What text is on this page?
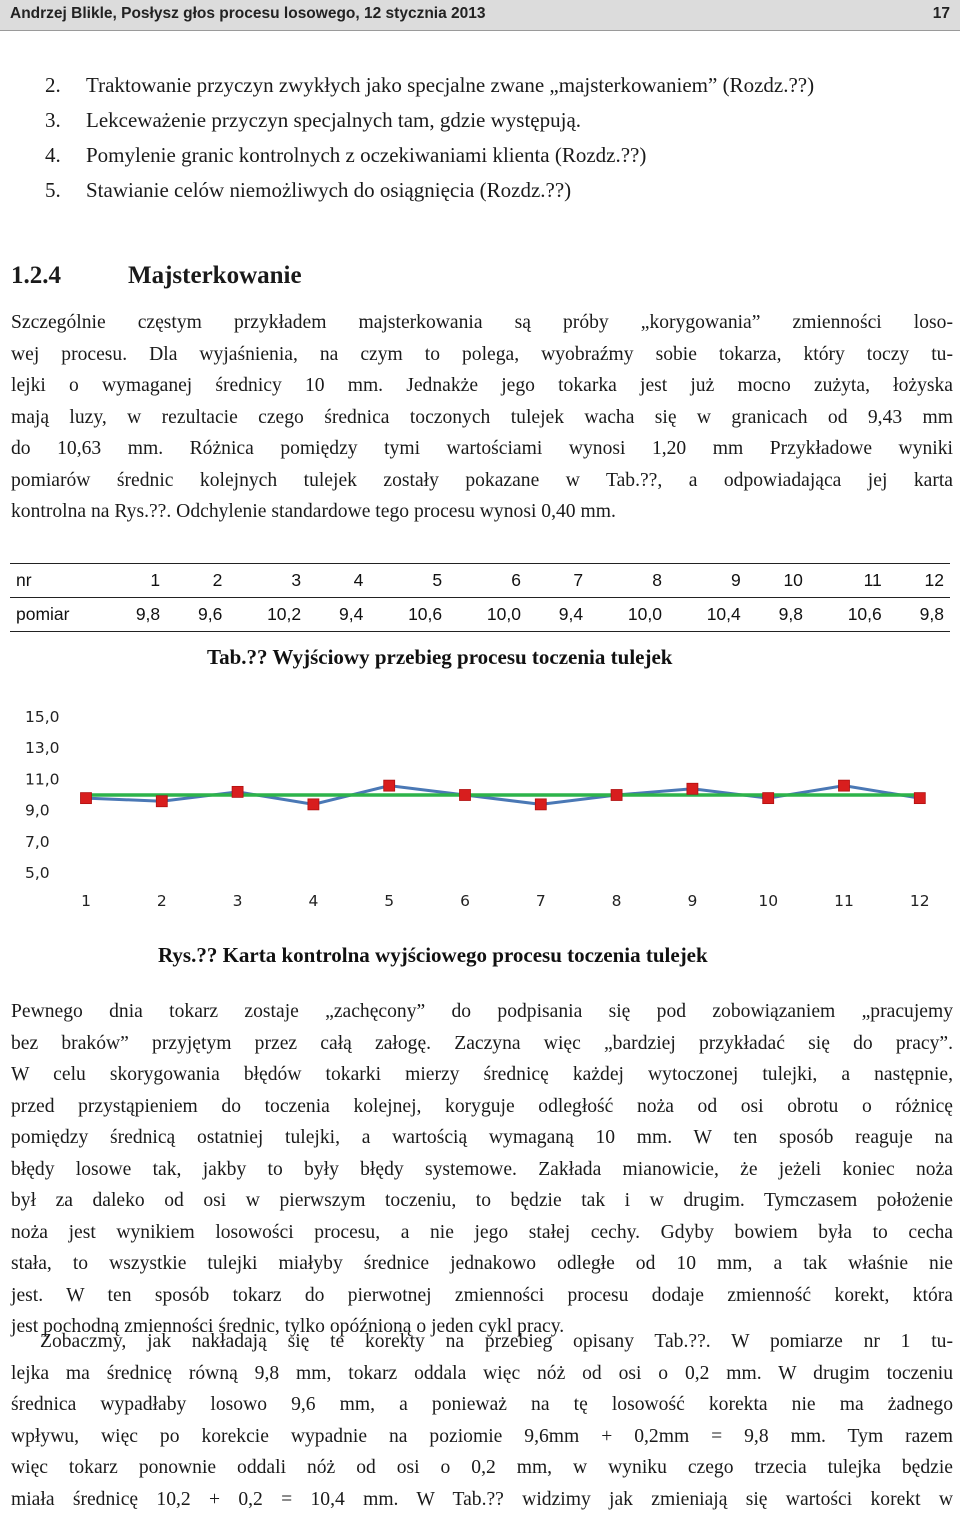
Andrzej Blikle, Posłysz głos procesu losowego, 12 stycznia 2013	17
2. Traktowanie przyczyn zwykłych jako specjalne zwane „majsterkowaniem” (Rozdz.??)
3. Lekceważenie przyczyn specjalnych tam, gdzie występują.
4. Pomylenie granic kontrolnych z oczekiwaniami klienta (Rozdz.??)
5. Stawianie celów niemożliwych do osiągnięcia (Rozdz.??)
1.2.4	Majsterkowanie
Szczególnie częstym przykładem majsterkowania są próby „korygowania” zmienności loso-
wej procesu. Dla wyjaśnienia, na czym to polega, wyobraźmy sobie tokarza, który toczy tu-
lejki o wymaganej średnicy 10 mm. Jednakże jego tokarka jest już mocno zużyta, łożyska
mają luzy, w rezultacie czego średnica toczonych tulejek wacha się w granicach od 9,43 mm
do 10,63 mm. Różnica pomiędzy tymi wartościami wynosi 1,20 mm Przykładowe wyniki
pomiarów średnic kolejnych tulejek zostały pokazane w Tab.??, a odpowiadająca jej karta
kontrolna na Rys.??. Odchylenie standardowe tego procesu wynosi 0,40 mm.
nr	1	2	3	4	5	6	7	8	9	10	11	12
pomiar	9,8	9,6	10,2	9,4	10,6	10,0	9,4	10,0	10,4	9,8	10,6	9,8
Tab.?? Wyjściowy przebieg procesu toczenia tulejek
15,0
13,0
11,0
9,0
7,0
5,0
1	2	3	4	5	6	7	8	9	10	11	12
Rys.?? Karta kontrolna wyjściowego procesu toczenia tulejek
Pewnego dnia tokarz zostaje „zachęcony” do podpisania się pod zobowiązaniem „pracujemy
bez braków” przyjętym przez całą załogę. Zaczyna więc „bardziej przykładać się do pracy”.
W celu skorygowania błędów tokarki mierzy średnicę każdej wytoczonej tulejki, a następnie,
przed przystąpieniem do toczenia kolejnej, koryguje odległość noża od osi obrotu o różnicę
pomiędzy średnicą ostatniej tulejki, a wartością wymaganą 10 mm. W ten sposób reaguje na
błędy losowe tak, jakby to były błędy systemowe. Zakłada mianowicie, że jeżeli koniec noża
był za daleko od osi w pierwszym toczeniu, to będzie tak i w drugim. Tymczasem położenie
noża jest wynikiem losowości procesu, a nie jego stałej cechy. Gdyby bowiem była to cecha
stała, to wszystkie tulejki miałyby średnice jednakowo odległe od 10 mm, a tak właśnie nie
jest. W ten sposób tokarz do pierwotnej zmienności procesu dodaje zmienność korekt, która
jest pochodną zmienności średnic, tylko opóźnioną o jeden cykl pracy.
Zobaczmy, jak nakładają się te korekty na przebieg opisany Tab.??. W pomiarze nr 1 tu-
lejka ma średnicę równą 9,8 mm, tokarz oddala więc nóż od osi o 0,2 mm. W drugim toczeniu
średnica wypadłaby losowo 9,6 mm, a ponieważ na tę losowość korekta nie ma żadnego
wpływu, więc po korekcie wypadnie na poziomie 9,6mm + 0,2mm = 9,8 mm. Tym razem
więc tokarz ponownie oddali nóż od osi o 0,2 mm, w wyniku czego trzecia tulejka będzie
miała średnicę 10,2 + 0,2 = 10,4 mm. W Tab.?? widzimy jak zmieniają się wartości korekt w
